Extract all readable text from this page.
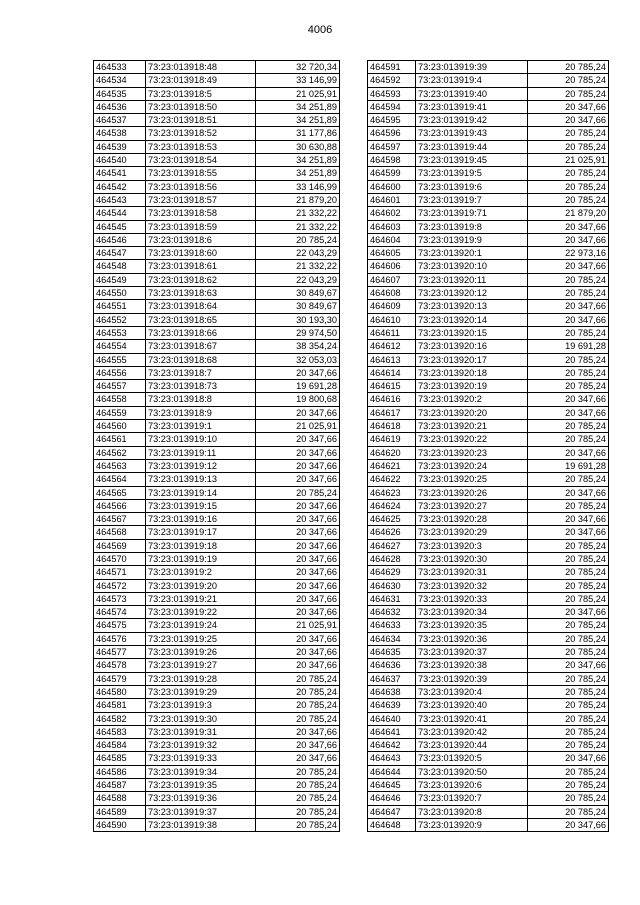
4006
464533	73:23:013918:48	32 720,34
464534	73:23:013918:49	33 146,99
464535	73:23:013918:5	21 025,91
464536	73:23:013918:50	34 251,89
464537	73:23:013918:51	34 251,89
464538	73:23:013918:52	31 177,86
464539	73:23:013918:53	30 630,88
464540	73:23:013918:54	34 251,89
464541	73:23:013918:55	34 251,89
464542	73:23:013918:56	33 146,99
464543	73:23:013918:57	21 879,20
464544	73:23:013918:58	21 332,22
464545	73:23:013918:59	21 332,22
464546	73:23:013918:6	20 785,24
464547	73:23:013918:60	22 043,29
464548	73:23:013918:61	21 332,22
464549	73:23:013918:62	22 043,29
464550	73:23:013918:63	30 849,67
464551	73:23:013918:64	30 849,67
464552	73:23:013918:65	30 193,30
464553	73:23:013918:66	29 974,50
464554	73:23:013918:67	38 354,24
464555	73:23:013918:68	32 053,03
464556	73:23:013918:7	20 347,66
464557	73:23:013918:73	19 691,28
464558	73:23:013918:8	19 800,68
464559	73:23:013918:9	20 347,66
464560	73:23:013919:1	21 025,91
464561	73:23:013919:10	20 347,66
464562	73:23:013919:11	20 347,66
464563	73:23:013919:12	20 347,66
464564	73:23:013919:13	20 347,66
464565	73:23:013919:14	20 785,24
464566	73:23:013919:15	20 347,66
464567	73:23:013919:16	20 347,66
464568	73:23:013919:17	20 347,66
464569	73:23:013919:18	20 347,66
464570	73:23:013919:19	20 347,66
464571	73:23:013919:2	20 347,66
464572	73:23:013919:20	20 347,66
464573	73:23:013919:21	20 347,66
464574	73:23:013919:22	20 347,66
464575	73:23:013919:24	21 025,91
464576	73:23:013919:25	20 347,66
464577	73:23:013919:26	20 347,66
464578	73:23:013919:27	20 347,66
464579	73:23:013919:28	20 785,24
464580	73:23:013919:29	20 785,24
464581	73:23:013919:3	20 785,24
464582	73:23:013919:30	20 785,24
464583	73:23:013919:31	20 347,66
464584	73:23:013919:32	20 347,66
464585	73:23:013919:33	20 347,66
464586	73:23:013919:34	20 785,24
464587	73:23:013919:35	20 785,24
464588	73:23:013919:36	20 785,24
464589	73:23:013919:37	20 785,24
464590	73:23:013919:38	20 785,24
464591	73:23:013919:39	20 785,24
464592	73:23:013919:4	20 785,24
464593	73:23:013919:40	20 785,24
464594	73:23:013919:41	20 347,66
464595	73:23:013919:42	20 347,66
464596	73:23:013919:43	20 785,24
464597	73:23:013919:44	20 785,24
464598	73:23:013919:45	21 025,91
464599	73:23:013919:5	20 785,24
464600	73:23:013919:6	20 785,24
464601	73:23:013919:7	20 785,24
464602	73:23:013919:71	21 879,20
464603	73:23:013919:8	20 347,66
464604	73:23:013919:9	20 347,66
464605	73:23:013920:1	22 973,16
464606	73:23:013920:10	20 347,66
464607	73:23:013920:11	20 785,24
464608	73:23:013920:12	20 785,24
464609	73:23:013920:13	20 347,66
464610	73:23:013920:14	20 347,66
464611	73:23:013920:15	20 785,24
464612	73:23:013920:16	19 691,28
464613	73:23:013920:17	20 785,24
464614	73:23:013920:18	20 785,24
464615	73:23:013920:19	20 785,24
464616	73:23:013920:2	20 347,66
464617	73:23:013920:20	20 347,66
464618	73:23:013920:21	20 785,24
464619	73:23:013920:22	20 785,24
464620	73:23:013920:23	20 347,66
464621	73:23:013920:24	19 691,28
464622	73:23:013920:25	20 785,24
464623	73:23:013920:26	20 347,66
464624	73:23:013920:27	20 785,24
464625	73:23:013920:28	20 347,66
464626	73:23:013920:29	20 347,66
464627	73:23:013920:3	20 785,24
464628	73:23:013920:30	20 785,24
464629	73:23:013920:31	20 785,24
464630	73:23:013920:32	20 785,24
464631	73:23:013920:33	20 785,24
464632	73:23:013920:34	20 347,66
464633	73:23:013920:35	20 785,24
464634	73:23:013920:36	20 785,24
464635	73:23:013920:37	20 785,24
464636	73:23:013920:38	20 347,66
464637	73:23:013920:39	20 785,24
464638	73:23:013920:4	20 785,24
464639	73:23:013920:40	20 785,24
464640	73:23:013920:41	20 785,24
464641	73:23:013920:42	20 785,24
464642	73:23:013920:44	20 785,24
464643	73:23:013920:5	20 347,66
464644	73:23:013920:50	20 785,24
464645	73:23:013920:6	20 785,24
464646	73:23:013920:7	20 785,24
464647	73:23:013920:8	20 785,24
464648	73:23:013920:9	20 347,66
